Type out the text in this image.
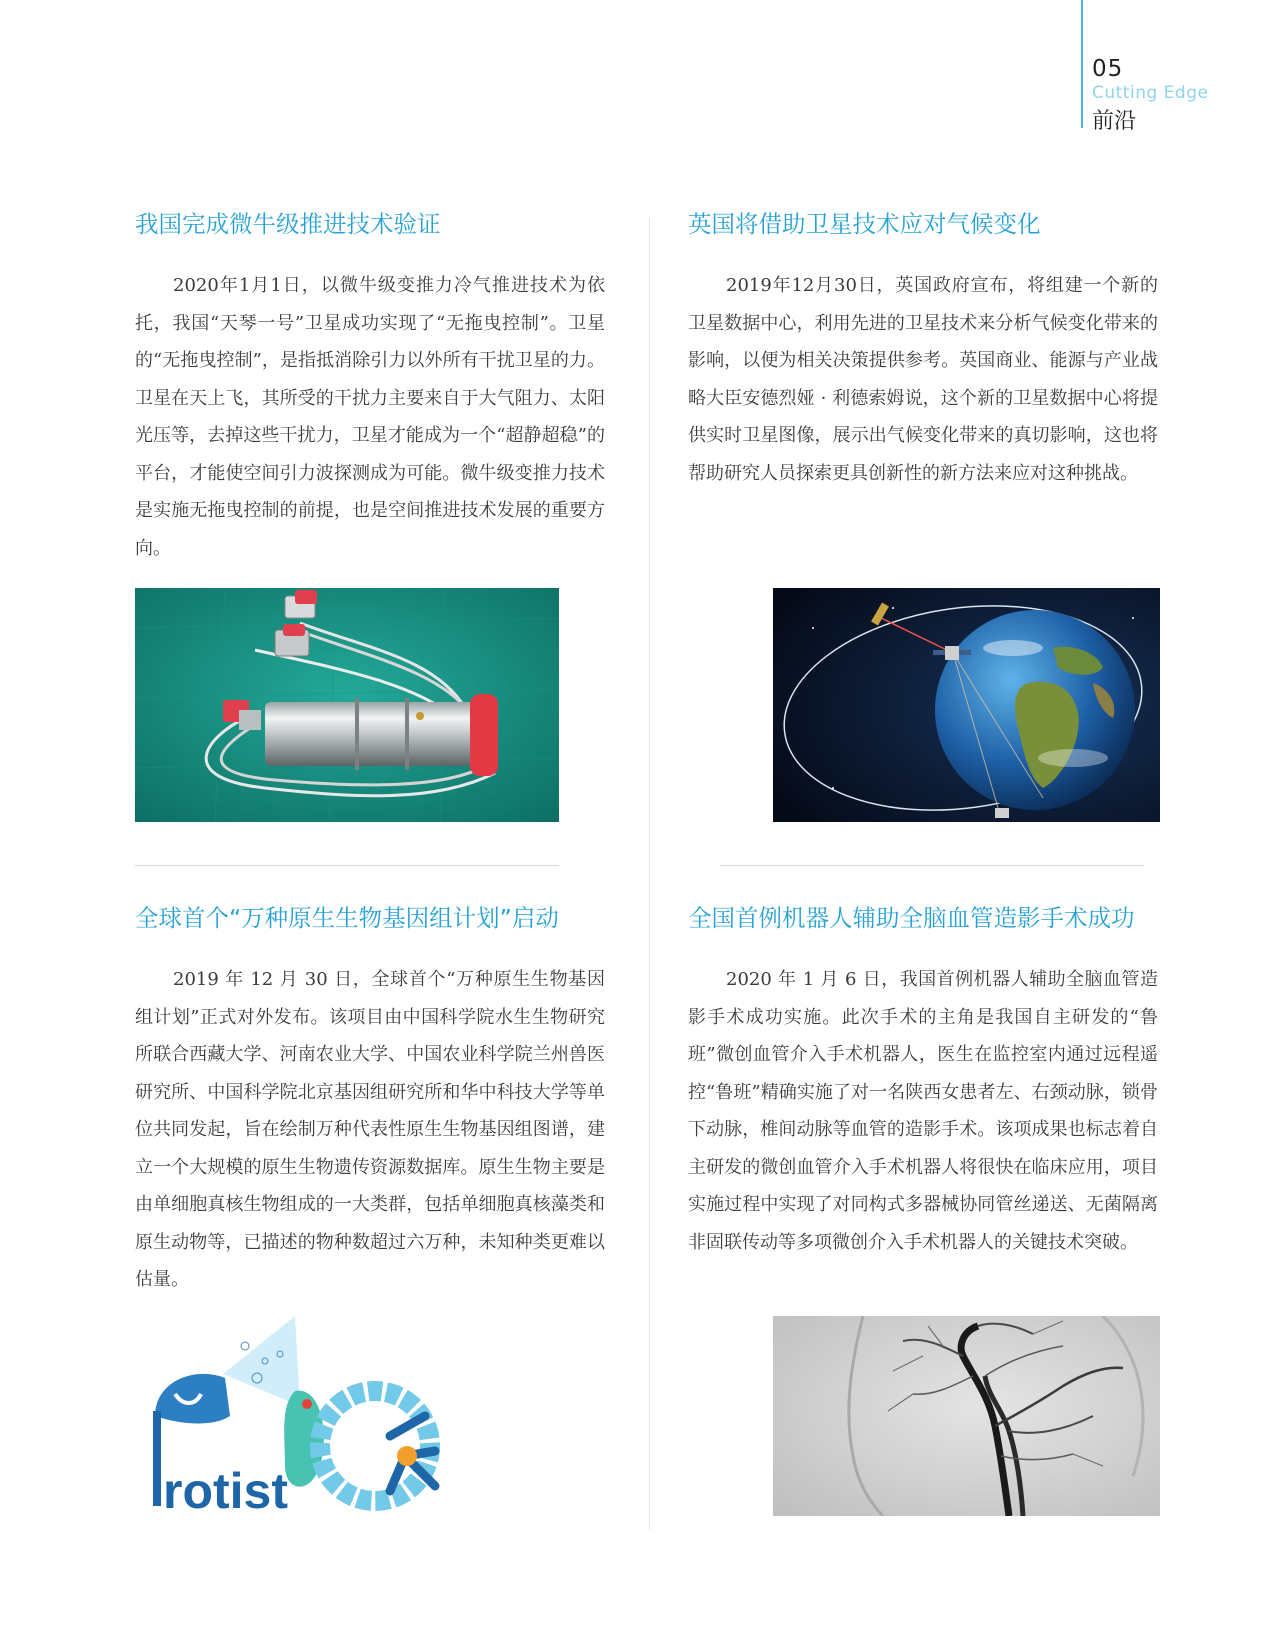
05
Cutting Edge
前沿
我国完成微牛级推进技术验证

2020年1月1日，以微牛级变推力冷气推进技术为依托，我国“天琴一号”卫星成功实现了“无拖曳控制”。卫星的“无拖曳控制”，是指抵消除引力以外所有干扰卫星的力。卫星在天上飞，其所受的干扰力主要来自于大气阻力、太阳光压等，去掉这些干扰力，卫星才能成为一个“超静超稳”的平台，才能使空间引力波探测成为可能。微牛级变推力技术是实施无拖曳控制的前提，也是空间推进技术发展的重要方向。

英国将借助卫星技术应对气候变化

2019年12月30日，英国政府宣布，将组建一个新的卫星数据中心，利用先进的卫星技术来分析气候变化带来的影响，以便为相关决策提供参考。英国商业、能源与产业战略大臣安德烈娅 · 利德索姆说，这个新的卫星数据中心将提供实时卫星图像，展示出气候变化带来的真切影响，这也将帮助研究人员探索更具创新性的新方法来应对这种挑战。

全球首个“万种原生生物基因组计划”启动

2019 年 12 月 30 日，全球首个“万种原生生物基因组计划”正式对外发布。该项目由中国科学院水生生物研究所联合西藏大学、河南农业大学、中国农业科学院兰州兽医研究所、中国科学院北京基因组研究所和华中科技大学等单位共同发起，旨在绘制万种代表性原生生物基因组图谱，建立一个大规模的原生生物遗传资源数据库。原生生物主要是由单细胞真核生物组成的一大类群，包括单细胞真核藻类和原生动物等，已描述的物种数超过六万种，未知种类更难以估量。

全国首例机器人辅助全脑血管造影手术成功

2020 年 1 月 6 日，我国首例机器人辅助全脑血管造影手术成功实施。此次手术的主角是我国自主研发的“鲁班”微创血管介入手术机器人，医生在监控室内通过远程遥控“鲁班”精确实施了对一名陕西女患者左、右颈动脉，锁骨下动脉，椎间动脉等血管的造影手术。该项成果也标志着自主研发的微创血管介入手术机器人将很快在临床应用，项目实施过程中实现了对同构式多器械协同管丝递送、无菌隔离非固联传动等多项微创介入手术机器人的关键技术突破。

rotist
